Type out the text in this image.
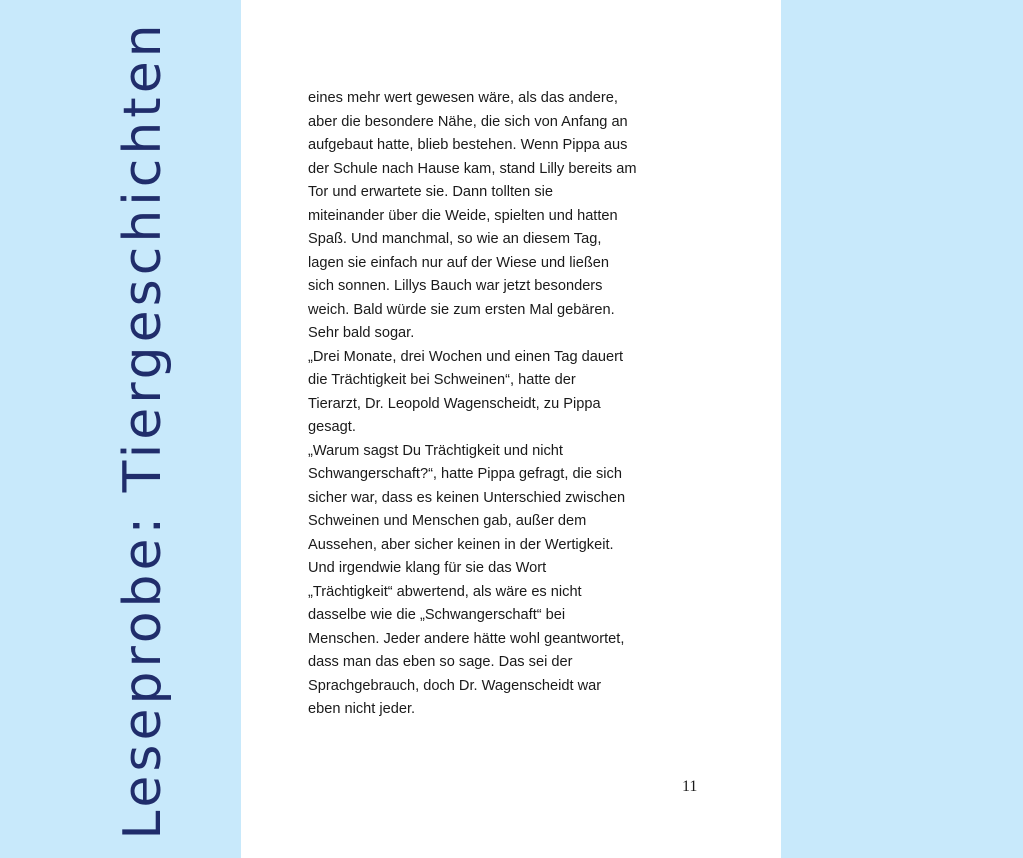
Leseprobe: Tiergeschichten	eines mehr wert gewesen wäre, als das andere,
aber die besondere Nähe, die sich von Anfang an
aufgebaut hatte, blieb bestehen. Wenn Pippa aus
der Schule nach Hause kam, stand Lilly bereits am
Tor und erwartete sie. Dann tollten sie
miteinander über die Weide, spielten und hatten
Spaß. Und manchmal, so wie an diesem Tag,
lagen sie einfach nur auf der Wiese und ließen
sich sonnen. Lillys Bauch war jetzt besonders
weich. Bald würde sie zum ersten Mal gebären.
Sehr bald sogar.
„Drei Monate, drei Wochen und einen Tag dauert
die Trächtigkeit bei Schweinen“, hatte der
Tierarzt, Dr. Leopold Wagenscheidt, zu Pippa
gesagt.
„Warum sagst Du Trächtigkeit und nicht
Schwangerschaft?“, hatte Pippa gefragt, die sich
sicher war, dass es keinen Unterschied zwischen
Schweinen und Menschen gab, außer dem
Aussehen, aber sicher keinen in der Wertigkeit.
Und irgendwie klang für sie das Wort
„Trächtigkeit“ abwertend, als wäre es nicht
dasselbe wie die „Schwangerschaft“ bei
Menschen. Jeder andere hätte wohl geantwortet,
dass man das eben so sage. Das sei der
Sprachgebrauch, doch Dr. Wagenscheidt war
eben nicht jeder.
11
